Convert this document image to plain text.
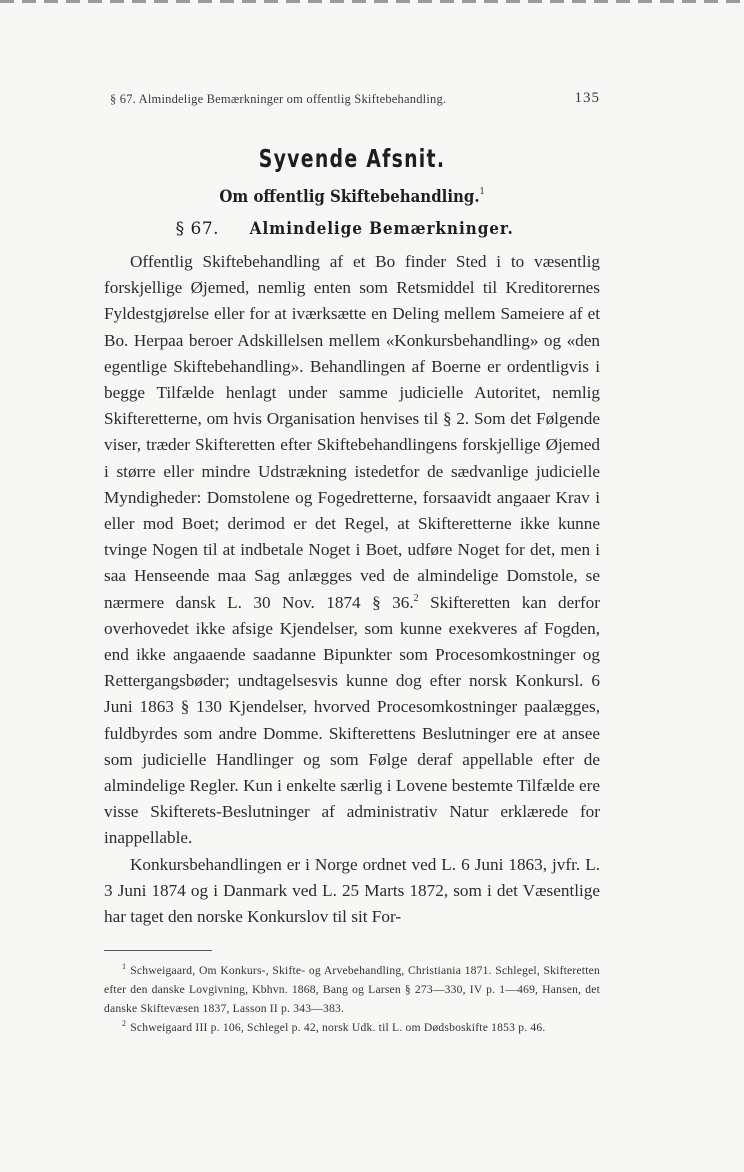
§ 67. Almindelige Bemærkninger om offentlig Skiftebehandling.	135
Syvende Afsnit.
Om offentlig Skiftebehandling.$^1$
§ 67. Almindelige Bemærkninger.

Offentlig Skiftebehandling af et Bo finder Sted i to væsentlig forskjellige Øjemed, nemlig enten som Retsmiddel til Kreditorernes Fyldestgjørelse eller for at iværksætte en Deling mellem Sameiere af et Bo. Herpaa beroer Adskillelsen mellem «Konkursbehandling» og «den egentlige Skiftebehandling». Behandlingen af Boerne er ordentligvis i begge Tilfælde henlagt under samme judicielle Autoritet, nemlig Skifteretterne, om hvis Organisation henvises til § 2. Som det Følgende viser, træder Skifteretten efter Skiftebehandlingens forskjellige Øjemed i større eller mindre Udstrækning istedetfor de sædvanlige judicielle Myndigheder: Domstolene og Fogedretterne, forsaavidt angaaer Krav i eller mod Boet; derimod er det Regel, at Skifteretterne ikke kunne tvinge Nogen til at indbetale Noget i Boet, udføre Noget for det, men i saa Henseende maa Sag anlægges ved de almindelige Domstole, se nærmere dansk L. 30 Nov. 1874 § 36.$^2$ Skifteretten kan derfor overhovedet ikke afsige Kjendelser, som kunne exekveres af Fogden, end ikke angaaende saadanne Bipunkter som Procesomkostninger og Rettergangsbøder; undtagelsesvis kunne dog efter norsk Konkursl. 6 Juni 1863 § 130 Kjendelser, hvorved Procesomkostninger paalægges, fuldbyrdes som andre Domme. Skifterettens Beslutninger ere at ansee som judicielle Handlinger og som Følge deraf appellable efter de almindelige Regler. Kun i enkelte særlig i Lovene bestemte Tilfælde ere visse Skifterets-Beslutninger af administrativ Natur erklærede for inappellable.

Konkursbehandlingen er i Norge ordnet ved L. 6 Juni 1863, jvfr. L. 3 Juni 1874 og i Danmark ved L. 25 Marts 1872, som i det Væsentlige har taget den norske Konkurslov til sit For-

$^1$ Schweigaard, Om Konkurs-, Skifte- og Arvebehandling, Christiania 1871. Schlegel, Skifteretten efter den danske Lovgivning, Kbhvn. 1868, Bang og Larsen § 273—330, IV p. 1—469, Hansen, det danske Skiftevæsen 1837, Lasson II p. 343—383.

$^2$ Schweigaard III p. 106, Schlegel p. 42, norsk Udk. til L. om Dødsboskifte 1853 p. 46.
